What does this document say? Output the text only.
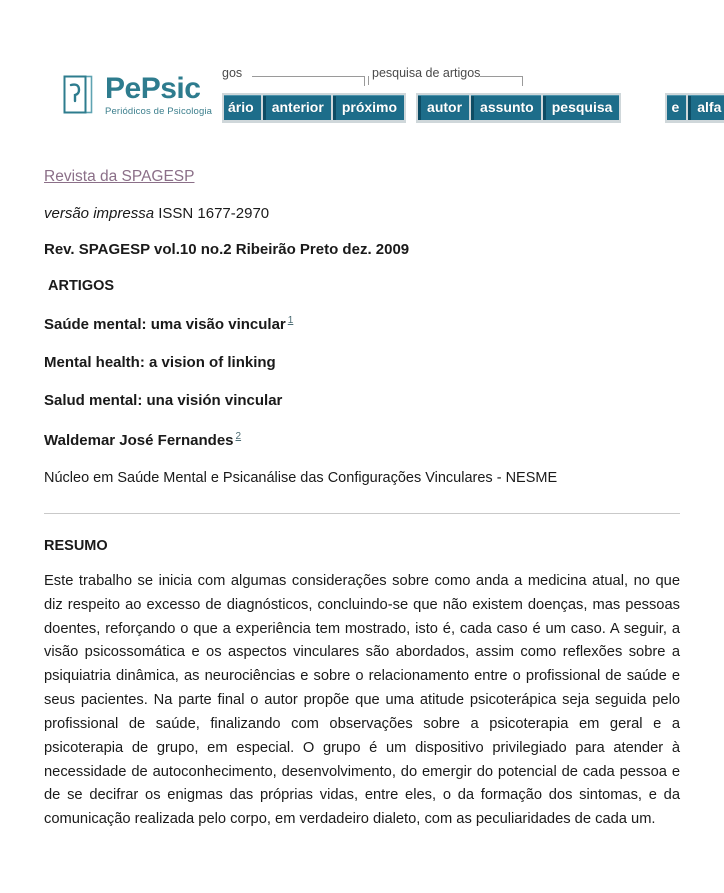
PePsic
Periódicos de Psicologia
gos	pesquisa de artigos
ário	anterior	próximo	autor	assunto	pesquisa	e	alfa
Revista da SPAGESP
versão impressa ISSN 1677-2970
Rev. SPAGESP vol.10 no.2 Ribeirão Preto dez. 2009
ARTIGOS
Saúde mental: uma visão vincular $^1$
Mental health: a vision of linking
Salud mental: una visión vincular
Waldemar José Fernandes $^2$
Núcleo em Saúde Mental e Psicanálise das Configurações Vinculares - NESME
RESUMO
Este trabalho se inicia com algumas considerações sobre como anda a medicina atual, no que diz respeito ao excesso de diagnósticos, concluindo-se que não existem doenças, mas pessoas doentes, reforçando o que a experiência tem mostrado, isto é, cada caso é um caso. A seguir, a visão psicossomática e os aspectos vinculares são abordados, assim como reflexões sobre a psiquiatria dinâmica, as neurociências e sobre o relacionamento entre o profissional de saúde e seus pacientes. Na parte final o autor propõe que uma atitude psicoterápica seja seguida pelo profissional de saúde, finalizando com observações sobre a psicoterapia em geral e a psicoterapia de grupo, em especial. O grupo é um dispositivo privilegiado para atender à necessidade de autoconhecimento, desenvolvimento, do emergir do potencial de cada pessoa e de se decifrar os enigmas das próprias vidas, entre eles, o da formação dos sintomas, e da comunicação realizada pelo corpo, em verdadeiro dialeto, com as peculiaridades de cada um.
